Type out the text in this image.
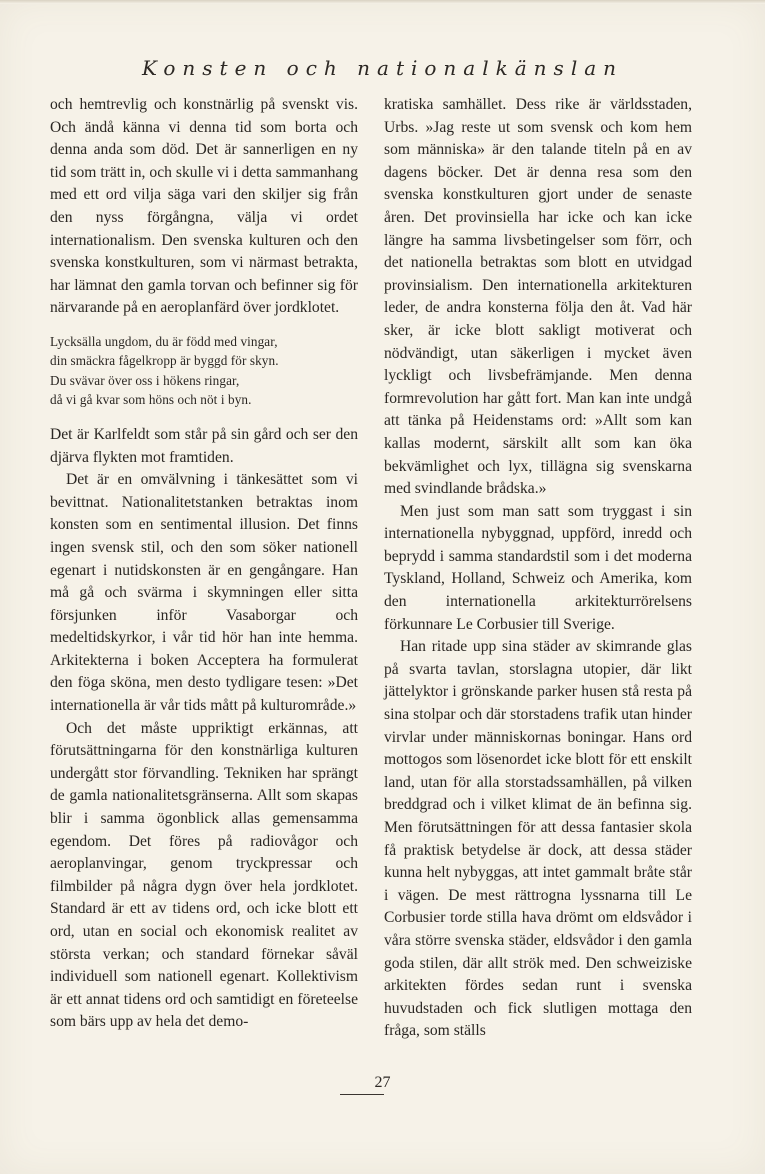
Konsten och nationalkänslan

och hemtrevlig och konstnärlig på svenskt vis. Och ändå känna vi denna tid som borta och denna anda som död. Det är sannerligen en ny tid som trätt in, och skulle vi i detta sammanhang med ett ord vilja säga vari den skiljer sig från den nyss förgångna, välja vi ordet internationalism. Den svenska kulturen och den svenska konstkulturen, som vi närmast betrakta, har lämnat den gamla torvan och befinner sig för närvarande på en aeroplanfärd över jordklotet.

Lycksälla ungdom, du är född med vingar,
din smäckra fågelkropp är byggd för skyn.
Du svävar över oss i hökens ringar,
då vi gå kvar som höns och nöt i byn.

Det är Karlfeldt som står på sin gård och ser den djärva flykten mot framtiden.

Det är en omvälvning i tänkesättet som vi bevittnat. Nationalitetstanken betraktas inom konsten som en sentimental illusion. Det finns ingen svensk stil, och den som söker nationell egenart i nutidskonsten är en gengångare. Han må gå och svärma i skymningen eller sitta försjunken inför Vasaborgar och medeltidskyrkor, i vår tid hör han inte hemma. Arkitekterna i boken Acceptera ha formulerat den föga sköna, men desto tydligare tesen: »Det internationella är vår tids mått på kulturområde.»

Och det måste uppriktigt erkännas, att förutsättningarna för den konstnärliga kulturen undergått stor förvandling. Tekniken har sprängt de gamla nationalitetsgränserna. Allt som skapas blir i samma ögonblick allas gemensamma egendom. Det föres på radiovågor och aeroplanvingar, genom tryckpressar och filmbilder på några dygn över hela jordklotet. Standard är ett av tidens ord, och icke blott ett ord, utan en social och ekonomisk realitet av största verkan; och standard förnekar såväl individuell som nationell egenart. Kollektivism är ett annat tidens ord och samtidigt en företeelse som bärs upp av hela det demo-

kratiska samhället. Dess rike är världsstaden, Urbs. »Jag reste ut som svensk och kom hem som människa» är den talande titeln på en av dagens böcker. Det är denna resa som den svenska konstkulturen gjort under de senaste åren. Det provinsiella har icke och kan icke längre ha samma livsbetingelser som förr, och det nationella betraktas som blott en utvidgad provinsialism. Den internationella arkitekturen leder, de andra konsterna följa den åt. Vad här sker, är icke blott sakligt motiverat och nödvändigt, utan säkerligen i mycket även lyckligt och livsbefrämjande. Men denna formrevolution har gått fort. Man kan inte undgå att tänka på Heidenstams ord: »Allt som kan kallas modernt, särskilt allt som kan öka bekvämlighet och lyx, tillägna sig svenskarna med svindlande brådska.»

Men just som man satt som tryggast i sin internationella nybyggnad, uppförd, inredd och beprydd i samma standardstil som i det moderna Tyskland, Holland, Schweiz och Amerika, kom den internationella arkitekturrörelsens förkunnare Le Corbusier till Sverige.

Han ritade upp sina städer av skimrande glas på svarta tavlan, storslagna utopier, där likt jättelyktor i grönskande parker husen stå resta på sina stolpar och där storstadens trafik utan hinder virvlar under människornas boningar. Hans ord mottogos som lösenordet icke blott för ett enskilt land, utan för alla storstadssamhällen, på vilken breddgrad och i vilket klimat de än befinna sig. Men förutsättningen för att dessa fantasier skola få praktisk betydelse är dock, att dessa städer kunna helt nybyggas, att intet gammalt bråte står i vägen. De mest rättrogna lyssnarna till Le Corbusier torde stilla hava drömt om eldsvådor i våra större svenska städer, eldsvådor i den gamla goda stilen, där allt strök med. Den schweiziske arkitekten fördes sedan runt i svenska huvudstaden och fick slutligen mottaga den fråga, som ställs

27
